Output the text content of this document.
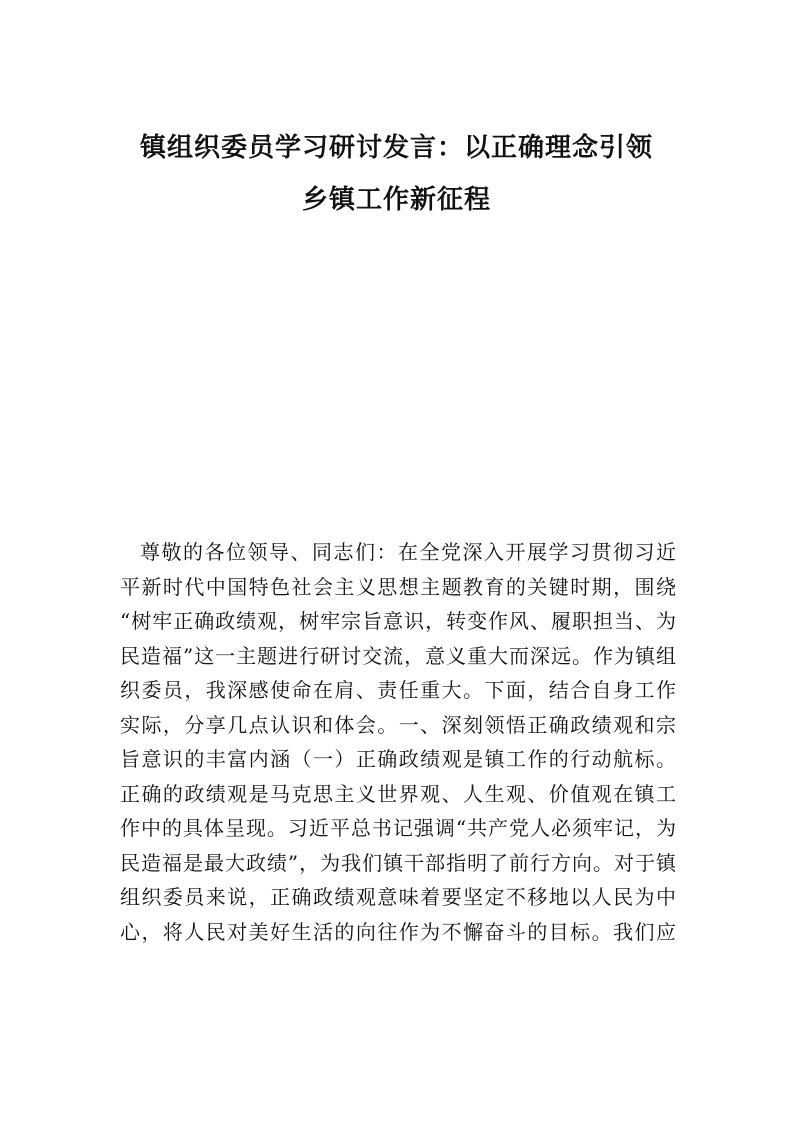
镇组织委员学习研讨发言：以正确理念引领
乡镇工作新征程
尊敬的各位领导、同志们：在全党深入开展学习贯彻习近
平新时代中国特色社会主义思想主题教育的关键时期，围绕
“树牢正确政绩观，树牢宗旨意识，转变作风、履职担当、为
民造福”这一主题进行研讨交流，意义重大而深远。作为镇组
织委员，我深感使命在肩、责任重大。下面，结合自身工作
实际，分享几点认识和体会。一、深刻领悟正确政绩观和宗
旨意识的丰富内涵（一）正确政绩观是镇工作的行动航标。
正确的政绩观是马克思主义世界观、人生观、价值观在镇工
作中的具体呈现。习近平总书记强调“共产党人必须牢记，为
民造福是最大政绩”，为我们镇干部指明了前行方向。对于镇
组织委员来说，正确政绩观意味着要坚定不移地以人民为中
心，将人民对美好生活的向往作为不懈奋斗的目标。我们应
